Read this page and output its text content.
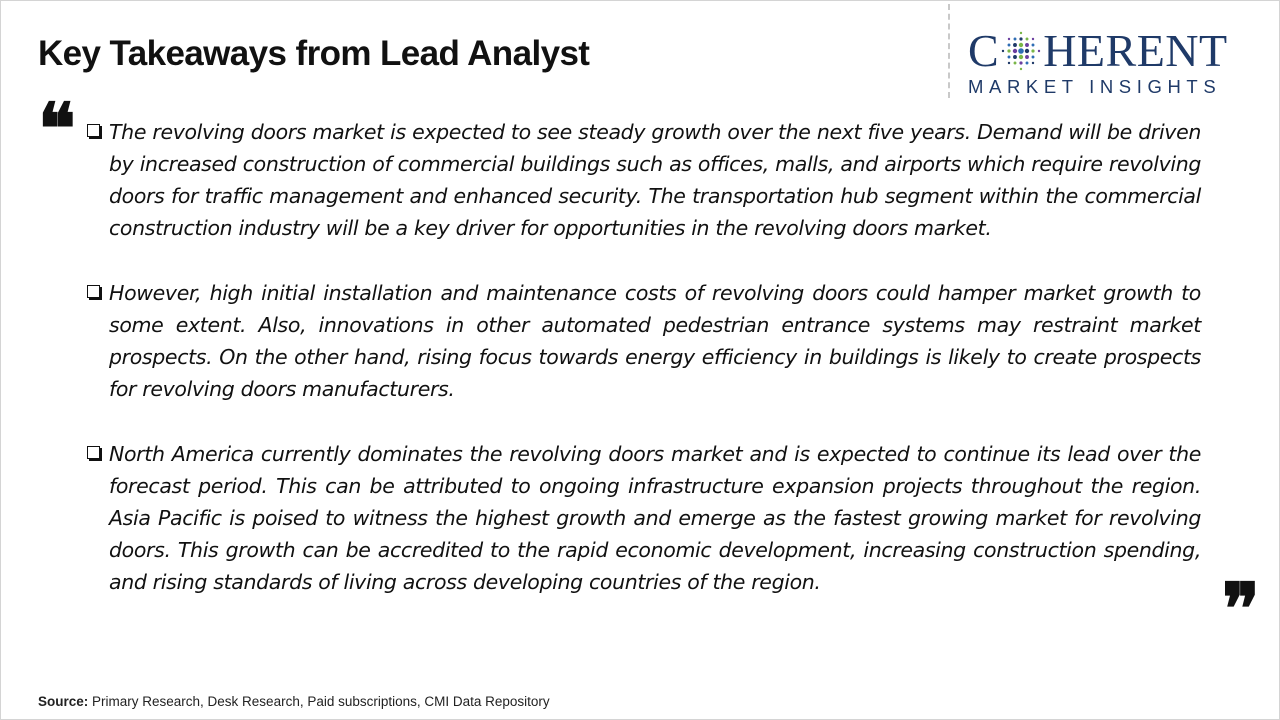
Key Takeaways from Lead Analyst	C HERENT
MARKET INSIGHTS
❝	The revolving doors market is expected to see steady growth over the next five years. Demand will be driven by increased construction of commercial buildings such as offices, malls, and airports which require revolving doors for traffic management and enhanced security. The transportation hub segment within the commercial construction industry will be a key driver for opportunities in the revolving doors market.
However, high initial installation and maintenance costs of revolving doors could hamper market growth to some extent. Also, innovations in other automated pedestrian entrance systems may restraint market prospects. On the other hand, rising focus towards energy efficiency in buildings is likely to create prospects for revolving doors manufacturers.
North America currently dominates the revolving doors market and is expected to continue its lead over the forecast period. This can be attributed to ongoing infrastructure expansion projects throughout the region. Asia Pacific is poised to witness the highest growth and emerge as the fastest growing market for revolving doors. This growth can be accredited to the rapid economic development, increasing construction spending, and rising standards of living across developing countries of the region.	❞
Source: Primary Research, Desk Research, Paid subscriptions, CMI Data Repository
